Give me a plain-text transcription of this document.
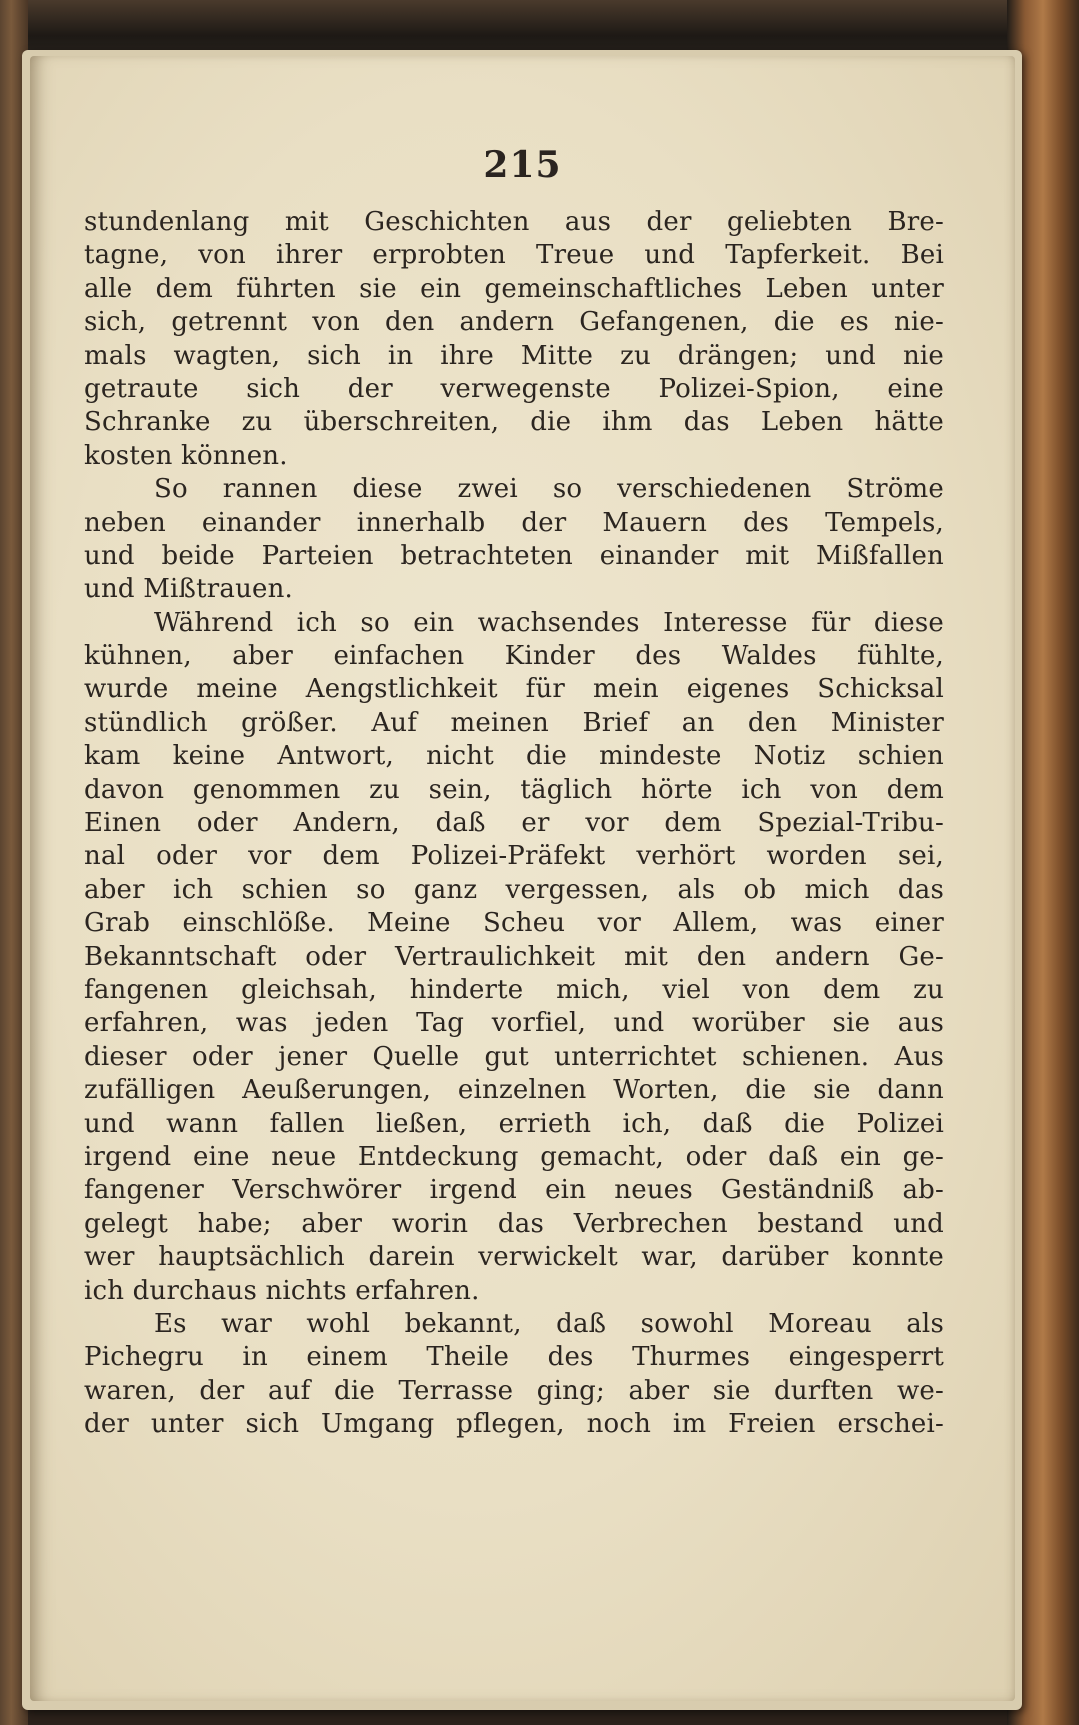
215
stundenlang mit Geschichten aus der geliebten Bre-
tagne, von ihrer erprobten Treue und Tapferkeit. Bei
alle dem führten sie ein gemeinschaftliches Leben unter
sich, getrennt von den andern Gefangenen, die es nie-
mals wagten, sich in ihre Mitte zu drängen; und nie
getraute sich der verwegenste Polizei-Spion, eine
Schranke zu überschreiten, die ihm das Leben hätte
kosten können.
So rannen diese zwei so verschiedenen Ströme
neben einander innerhalb der Mauern des Tempels,
und beide Parteien betrachteten einander mit Mißfallen
und Mißtrauen.
Während ich so ein wachsendes Interesse für diese
kühnen, aber einfachen Kinder des Waldes fühlte,
wurde meine Aengstlichkeit für mein eigenes Schicksal
stündlich größer. Auf meinen Brief an den Minister
kam keine Antwort, nicht die mindeste Notiz schien
davon genommen zu sein, täglich hörte ich von dem
Einen oder Andern, daß er vor dem Spezial-Tribu-
nal oder vor dem Polizei-Präfekt verhört worden sei,
aber ich schien so ganz vergessen, als ob mich das
Grab einschlöße. Meine Scheu vor Allem, was einer
Bekanntschaft oder Vertraulichkeit mit den andern Ge-
fangenen gleichsah, hinderte mich, viel von dem zu
erfahren, was jeden Tag vorfiel, und worüber sie aus
dieser oder jener Quelle gut unterrichtet schienen. Aus
zufälligen Aeußerungen, einzelnen Worten, die sie dann
und wann fallen ließen, errieth ich, daß die Polizei
irgend eine neue Entdeckung gemacht, oder daß ein ge-
fangener Verschwörer irgend ein neues Geständniß ab-
gelegt habe; aber worin das Verbrechen bestand und
wer hauptsächlich darein verwickelt war, darüber konnte
ich durchaus nichts erfahren.
Es war wohl bekannt, daß sowohl Moreau als
Pichegru in einem Theile des Thurmes eingesperrt
waren, der auf die Terrasse ging; aber sie durften we-
der unter sich Umgang pflegen, noch im Freien erschei-
